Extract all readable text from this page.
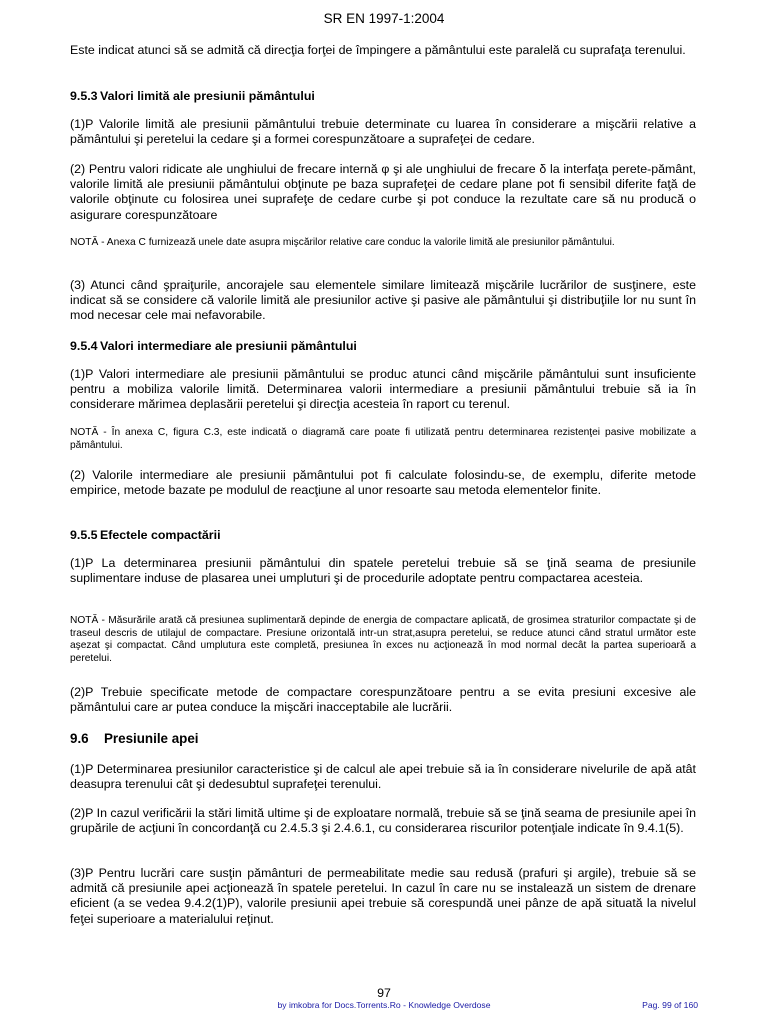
SR EN 1997-1:2004

Este indicat atunci să se admită că direcţia forţei de împingere a pământului este paralelă cu suprafaţa terenului.

9.5.3 Valori limită ale presiunii pământului

(1)P Valorile limită ale presiunii pământului trebuie determinate cu luarea în considerare a mişcării relative a pământului şi peretelui la cedare şi a formei corespunzătoare a suprafeţei de cedare.

(2) Pentru valori ridicate ale unghiului de frecare internă φ şi ale unghiului de frecare δ la interfaţa perete-pământ, valorile limită ale presiunii pământului obţinute pe baza suprafeţei de cedare plane pot fi sensibil diferite faţă de valorile obţinute cu folosirea unei suprafeţe de cedare curbe şi pot conduce la rezultate care să nu producă o asigurare corespunzătoare

NOTĂ - Anexa C furnizează unele date asupra mişcărilor relative care conduc la valorile limită ale presiunilor pământului.

(3) Atunci când şpraiţurile, ancorajele sau elementele similare limitează mişcările lucrărilor de susţinere, este indicat să se considere că valorile limită ale presiunilor active şi pasive ale pământului şi distribuţiile lor nu sunt în mod necesar cele mai nefavorabile.

9.5.4 Valori intermediare ale presiunii pământului

(1)P Valori intermediare ale presiunii pământului se produc atunci când mişcările pământului sunt insuficiente pentru a mobiliza valorile limită. Determinarea valorii intermediare a presiunii pământului trebuie să ia în considerare mărimea deplasării peretelui şi direcţia acesteia în raport cu terenul.

NOTĂ - În anexa C, figura C.3, este indicată o diagramă care poate fi utilizată pentru determinarea rezistenţei pasive mobilizate a pământului.

(2) Valorile intermediare ale presiunii pământului pot fi calculate folosindu-se, de exemplu, diferite metode empirice, metode bazate pe modulul de reacţiune al unor resoarte sau metoda elementelor finite.

9.5.5 Efectele compactării

(1)P La determinarea presiunii pământului din spatele peretelui trebuie să se ţină seama de presiunile suplimentare induse de plasarea unei umpluturi şi de procedurile adoptate pentru compactarea acesteia.

NOTĂ - Măsurările arată că presiunea suplimentară depinde de energia de compactare aplicată, de grosimea straturilor compactate şi de traseul descris de utilajul de compactare. Presiune orizontală intr-un strat,asupra peretelui, se reduce atunci când stratul următor este aşezat şi compactat. Când umplutura este completă, presiunea în exces nu acţionează în mod normal decât la partea superioară a peretelui.

(2)P Trebuie specificate metode de compactare corespunzătoare pentru a se evita presiuni excesive ale pământului care ar putea conduce la mişcări inacceptabile ale lucrării.

9.6 Presiunile apei

(1)P Determinarea presiunilor caracteristice şi de calcul ale apei trebuie să ia în considerare nivelurile de apă atât deasupra terenului cât şi dedesubtul suprafeţei terenului.

(2)P In cazul verificării la stări limită ultime şi de exploatare normală, trebuie să se ţină seama de presiunile apei în grupările de acţiuni în concordanţă cu 2.4.5.3 şi 2.4.6.1, cu considerarea riscurilor potenţiale indicate în 9.4.1(5).

(3)P Pentru lucrări care susţin pământuri de permeabilitate medie sau redusă (prafuri şi argile), trebuie să se admită că presiunile apei acţionează în spatele peretelui. In cazul în care nu se instalează un sistem de drenare eficient (a se vedea 9.4.2(1)P), valorile presiunii apei trebuie să corespundă unei pânze de apă situată la nivelul feţei superioare a materialului reţinut.

97
by imkobra for Docs.Torrents.Ro - Knowledge Overdose	Pag. 99 of 160
